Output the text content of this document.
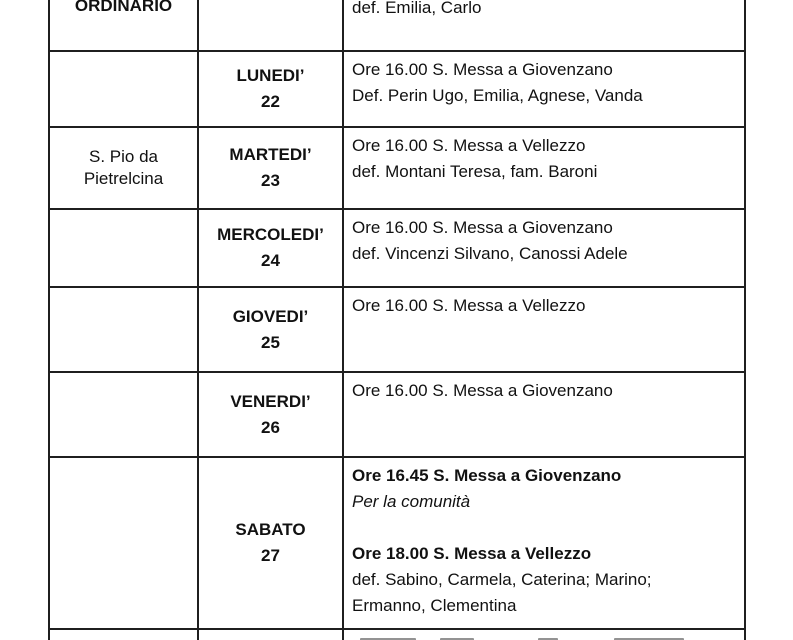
ORDINARIO	def. Emilia, Carlo
LUNEDI’
22
Ore 16.00 S. Messa a Giovenzano
Def. Perin Ugo, Emilia, Agnese, Vanda
S. Pio da Pietrelcina
MARTEDI’
23
Ore 16.00 S. Messa a Vellezzo
def. Montani Teresa, fam. Baroni
MERCOLEDI’
24
Ore 16.00 S. Messa a Giovenzano
def. Vincenzi Silvano, Canossi Adele
GIOVEDI’
25
Ore 16.00 S. Messa a Vellezzo
VENERDI’
26
Ore 16.00 S. Messa a Giovenzano
SABATO
27
Ore 16.45 S. Messa a Giovenzano
Per la comunità
Ore 18.00 S. Messa a Vellezzo
def. Sabino, Carmela, Caterina; Marino;
Ermanno, Clementina
